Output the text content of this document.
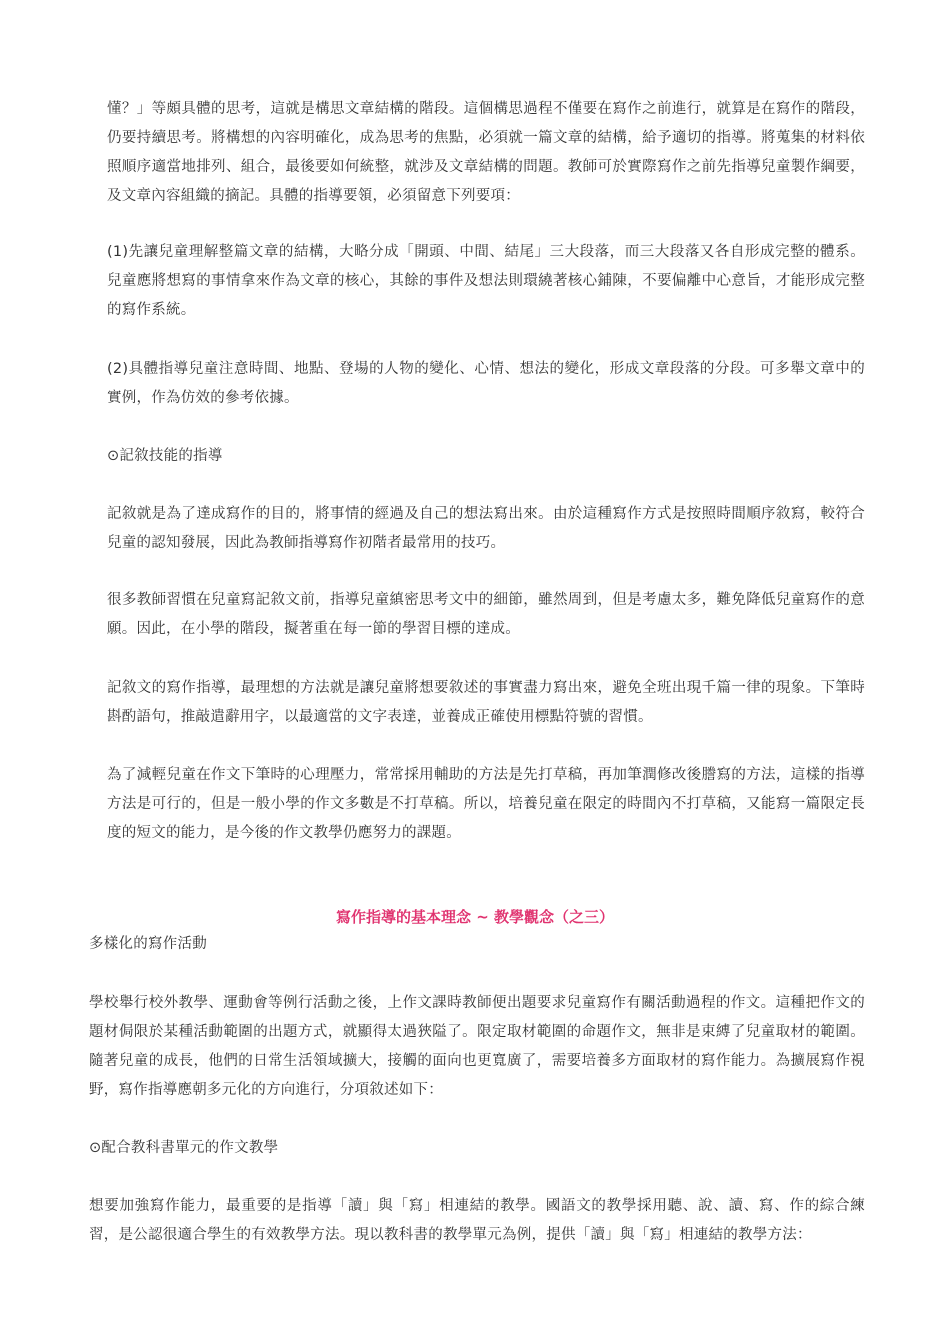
懂？」等頗具體的思考，這就是構思文章結構的階段。這個構思過程不僅要在寫作之前進行，就算是在寫作的階段，仍要持續思考。將構想的內容明確化，成為思考的焦點，必須就一篇文章的結構，給予適切的指導。將蒐集的材料依照順序適當地排列、組合，最後要如何統整，就涉及文章結構的問題。教師可於實際寫作之前先指導兒童製作綱要，及文章內容組織的摘記。具體的指導要領，必須留意下列要項：

(1)先讓兒童理解整篇文章的結構，大略分成「開頭、中間、結尾」三大段落，而三大段落又各自形成完整的體系。兒童應將想寫的事情拿來作為文章的核心，其餘的事件及想法則環繞著核心鋪陳，不要偏離中心意旨，才能形成完整的寫作系統。

(2)具體指導兒童注意時間、地點、登場的人物的變化、心情、想法的變化，形成文章段落的分段。可多舉文章中的實例，作為仿效的參考依據。

⊙記敘技能的指導

記敘就是為了達成寫作的目的，將事情的經過及自己的想法寫出來。由於這種寫作方式是按照時間順序敘寫，較符合兒童的認知發展，因此為教師指導寫作初階者最常用的技巧。

很多教師習慣在兒童寫記敘文前，指導兒童縝密思考文中的細節，雖然周到，但是考慮太多，難免降低兒童寫作的意願。因此，在小學的階段，擬著重在每一節的學習目標的達成。

記敘文的寫作指導，最理想的方法就是讓兒童將想要敘述的事實盡力寫出來，避免全班出現千篇一律的現象。下筆時斟酌語句，推敲遣辭用字，以最適當的文字表達，並養成正確使用標點符號的習慣。

為了減輕兒童在作文下筆時的心理壓力，常常採用輔助的方法是先打草稿，再加筆潤修改後謄寫的方法，這樣的指導方法是可行的，但是一般小學的作文多數是不打草稿。所以，培養兒童在限定的時間內不打草稿，又能寫一篇限定長度的短文的能力，是今後的作文教學仍應努力的課題。

寫作指導的基本理念 ~ 教學觀念（之三）

多樣化的寫作活動

學校舉行校外教學、運動會等例行活動之後，上作文課時教師便出題要求兒童寫作有關活動過程的作文。這種把作文的題材侷限於某種活動範圍的出題方式，就顯得太過狹隘了。限定取材範圍的命題作文，無非是束縛了兒童取材的範圍。隨著兒童的成長，他們的日常生活領域擴大，接觸的面向也更寬廣了，需要培養多方面取材的寫作能力。為擴展寫作視野，寫作指導應朝多元化的方向進行，分項敘述如下：

⊙配合教科書單元的作文教學

想要加強寫作能力，最重要的是指導「讀」與「寫」相連結的教學。國語文的教學採用聽、說、讀、寫、作的綜合練習，是公認很適合學生的有效教學方法。現以教科書的教學單元為例，提供「讀」與「寫」相連結的教學方法：
